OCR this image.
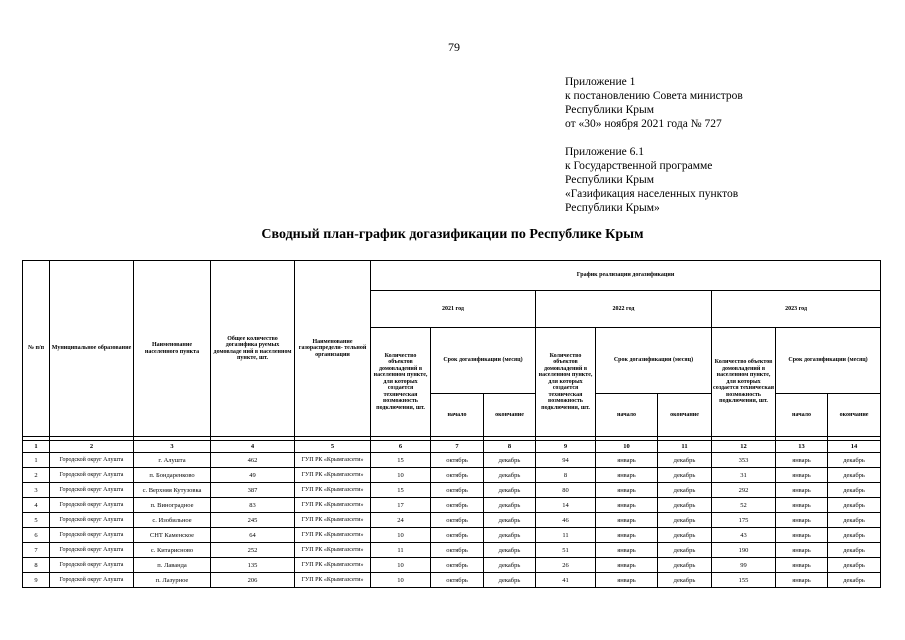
79
Приложение 1
к постановлению Совета министров
Республики Крым
от «30» ноября 2021 года № 727
Приложение 6.1
к Государственной программе
Республики Крым
«Газификация населенных пунктов
Республики Крым»
Сводный план-график догазификации по Республике Крым
№ п/п	Муниципальное образование	Наименование населенного пункта	Общее количество догазифика руемых домовладе ний в населенном пункте, шт.	Наименование газораспредели- тельной организации	График реализации догазификации								
					2021 год			2022 год			2023 год		
					Количество объектов домовладений в населенном пункте, для которых создается техническая возможность подключения, шт.	Срок догазификации (месяц)		Количество объектов домовладений в населенном пункте, для которых создается техническая возможность подключения, шт.	Срок догазификации (месяц)		Количество объектов домовладений в населенном пункте, для которых создается техническая возможность подключения, шт.	Срок догазификации (месяц)	
						начало	окончание		начало	окончание		начало	окончание

1	2	3	4	5	6	7	8	9	10	11	12	13	14
1	Городской округ Алушта	г. Алушта	462	ГУП РК «Крымгазсети»	15	октябрь	декабрь	94	январь	декабрь	353	январь	декабрь
2	Городской округ Алушта	п. Бондаренково	49	ГУП РК «Крымгазсети»	10	октябрь	декабрь	8	январь	декабрь	31	январь	декабрь
3	Городской округ Алушта	с. Верхняя Кутузовка	387	ГУП РК «Крымгазсети»	15	октябрь	декабрь	80	январь	декабрь	292	январь	декабрь
4	Городской округ Алушта	п. Виноградное	83	ГУП РК «Крымгазсети»	17	октябрь	декабрь	14	январь	декабрь	52	январь	декабрь
5	Городской округ Алушта	с. Изобильное	245	ГУП РК «Крымгазсети»	24	октябрь	декабрь	46	январь	декабрь	175	январь	декабрь
6	Городской округ Алушта	СНТ Каменское	64	ГУП РК «Крымгазсети»	10	октябрь	декабрь	11	январь	декабрь	43	январь	декабрь
7	Городской округ Алушта	с. Китарисново	252	ГУП РК «Крымгазсети»	11	октябрь	декабрь	51	январь	декабрь	190	январь	декабрь
8	Городской округ Алушта	п. Лаванда	135	ГУП РК «Крымгазсети»	10	октябрь	декабрь	26	январь	декабрь	99	январь	декабрь
9	Городской округ Алушта	п. Лазурное	206	ГУП РК «Крымгазсети»	10	октябрь	декабрь	41	январь	декабрь	155	январь	декабрь
